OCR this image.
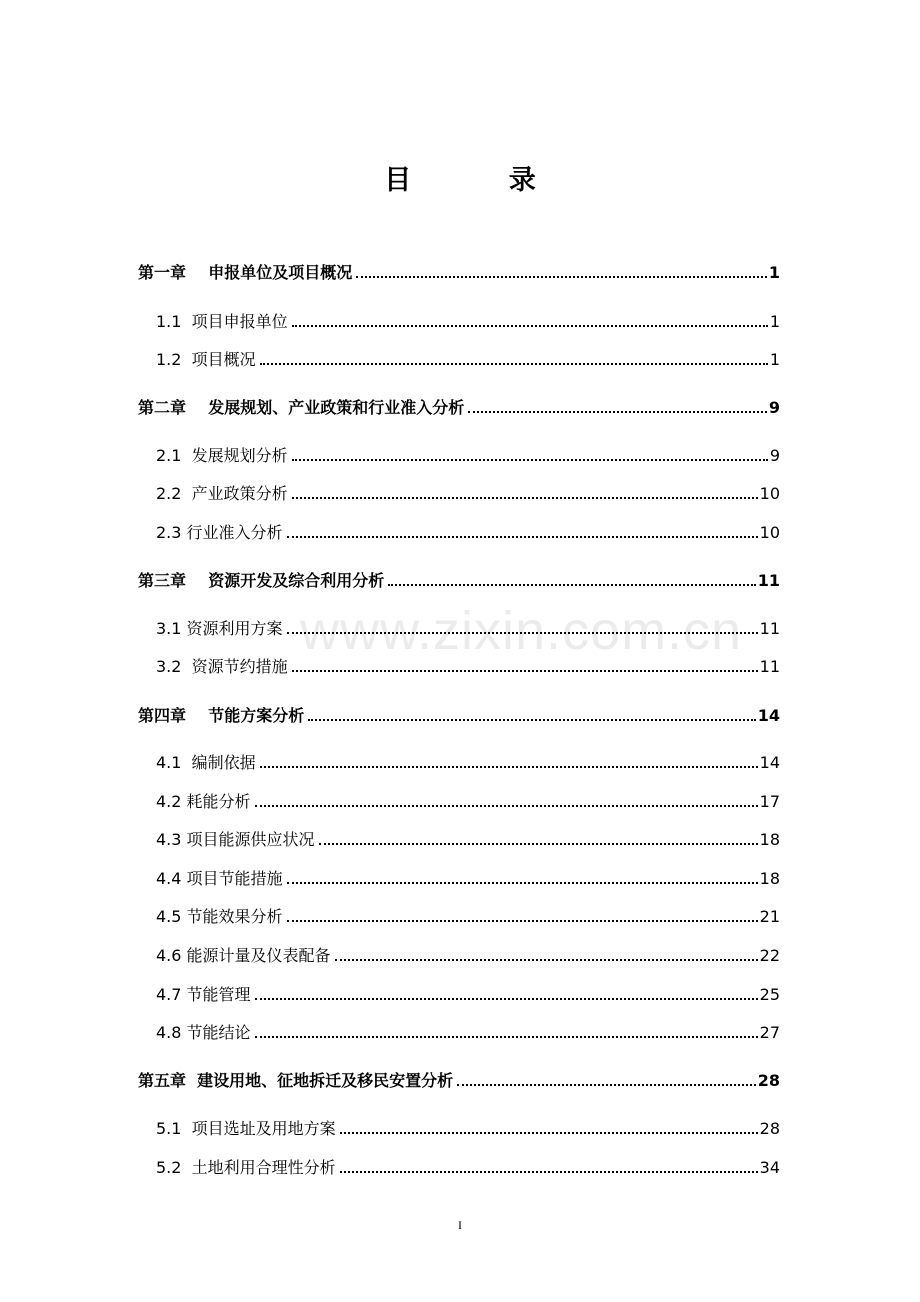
目 录
第一章    申报单位及项目概况	1
1.1  项目申报单位	1
1.2  项目概况	1
第二章    发展规划、产业政策和行业准入分析	9
2.1  发展规划分析	9
2.2  产业政策分析	10
2.3 行业准入分析	10
第三章    资源开发及综合利用分析	11
3.1 资源利用方案	11
3.2  资源节约措施	11
第四章    节能方案分析	14
4.1  编制依据	14
4.2 耗能分析	17
4.3 项目能源供应状况	18
4.4 项目节能措施	18
4.5 节能效果分析	21
4.6 能源计量及仪表配备	22
4.7 节能管理	25
4.8 节能结论	27
第五章  建设用地、征地拆迁及移民安置分析	28
5.1  项目选址及用地方案	28
5.2  土地利用合理性分析	34
www.zixin.com.cn
I
